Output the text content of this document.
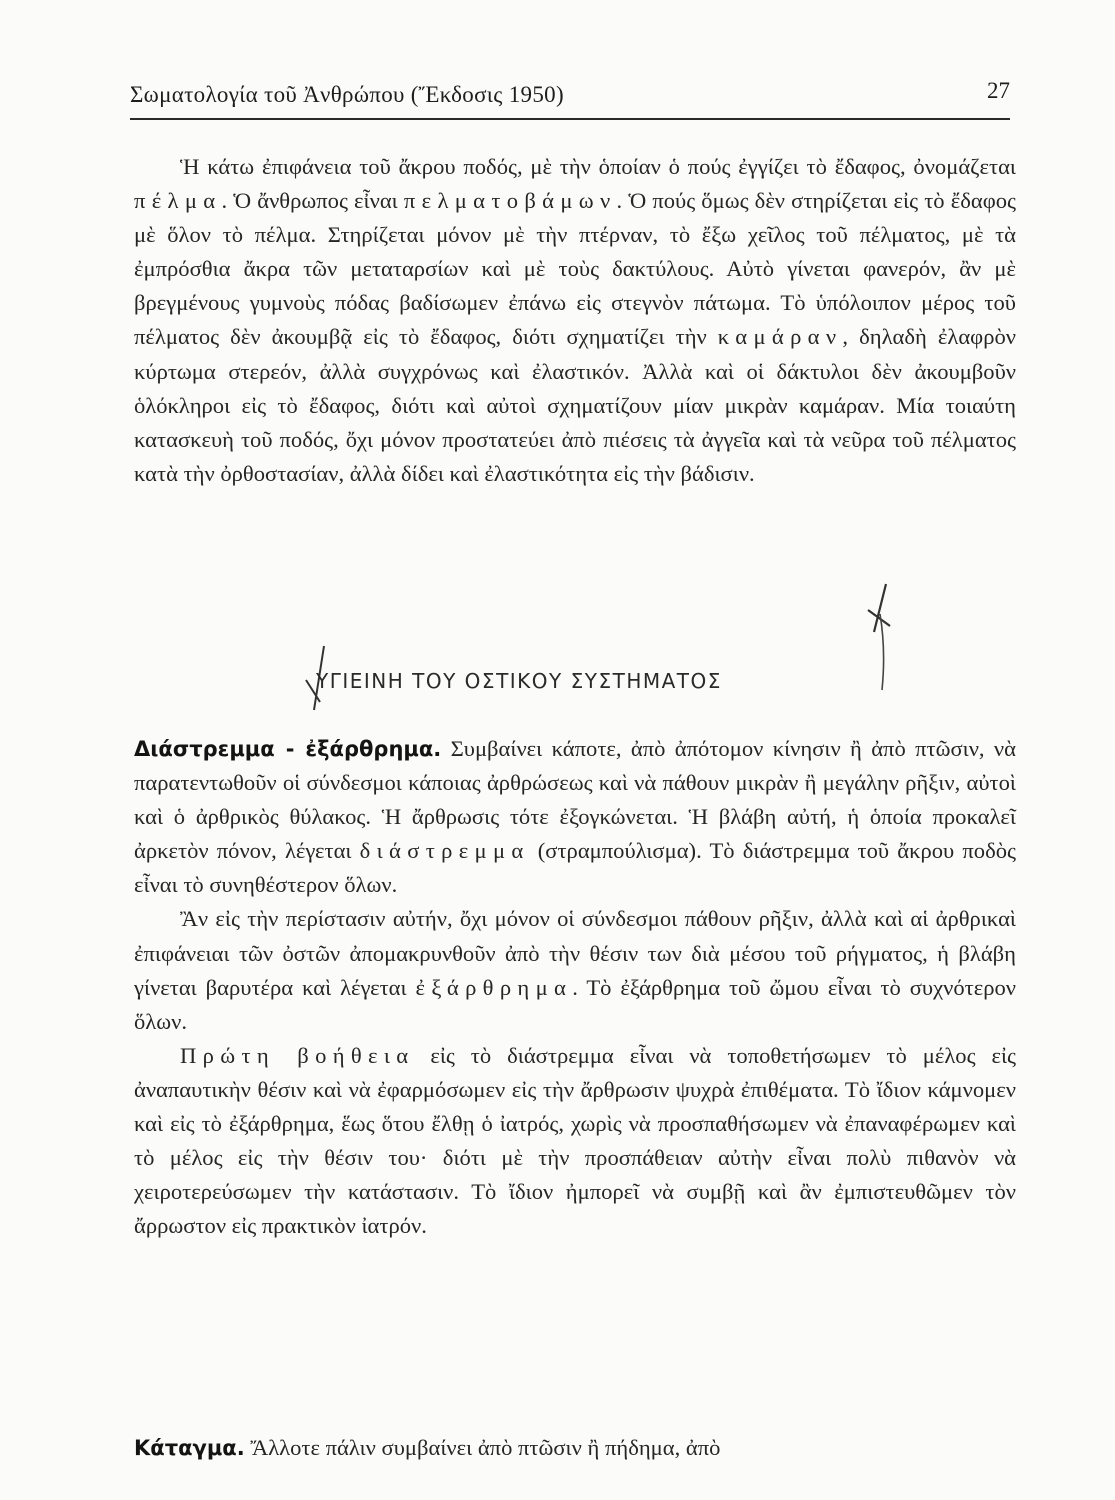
Σωματολογία τοῦ Ἀνθρώπου (Ἔκδοσις 1950)	27

Ἡ κάτω ἐπιφάνεια τοῦ ἄκρου ποδός, μὲ τὴν ὁποίαν ὁ πούς ἐγγίζει τὸ ἔδαφος, ὀνομάζεται πέλμα. Ὁ ἄνθρωπος εἶναι πελματοβάμων. Ὁ πούς ὅμως δὲν στηρίζεται εἰς τὸ ἔδαφος μὲ ὅλον τὸ πέλμα. Στηρίζεται μόνον μὲ τὴν πτέρναν, τὸ ἔξω χεῖλος τοῦ πέλματος, μὲ τὰ ἐμπρόσθια ἄκρα τῶν μεταταρσίων καὶ μὲ τοὺς δακτύλους. Αὐτὸ γίνεται φανερόν, ἂν μὲ βρεγμένους γυμνοὺς πόδας βαδίσωμεν ἐπάνω εἰς στεγνὸν πάτωμα. Τὸ ὑπόλοιπον μέρος τοῦ πέλματος δὲν ἀκουμβᾷ εἰς τὸ ἔδαφος, διότι σχηματίζει τὴν καμάραν, δηλαδὴ ἐλαφρὸν κύρτωμα στερεόν, ἀλλὰ συγχρόνως καὶ ἐλαστικόν. Ἀλλὰ καὶ οἱ δάκτυλοι δὲν ἀκουμβοῦν ὁλόκληροι εἰς τὸ ἔδαφος, διότι καὶ αὐτοὶ σχηματίζουν μίαν μικρὰν καμάραν. Μία τοιαύτη κατασκευὴ τοῦ ποδός, ὄχι μόνον προστατεύει ἀπὸ πιέσεις τὰ ἀγγεῖα καὶ τὰ νεῦρα τοῦ πέλματος κατὰ τὴν ὀρθοστασίαν, ἀλλὰ δίδει καὶ ἐλαστικότητα εἰς τὴν βάδισιν.

ΥΓΙΕΙΝΗ ΤΟΥ ΟΣΤΙΚΟΥ ΣΥΣΤΗΜΑΤΟΣ

Διάστρεμμα - ἐξάρθρημα. Συμβαίνει κάποτε, ἀπὸ ἀπότομον κίνησιν ἢ ἀπὸ πτῶσιν, νὰ παρατεντωθοῦν οἱ σύνδεσμοι κάποιας ἀρθρώσεως καὶ νὰ πάθουν μικρὰν ἢ μεγάλην ρῆξιν, αὐτοὶ καὶ ὁ ἀρθρικὸς θύλακος. Ἡ ἄρθρωσις τότε ἐξογκώνεται. Ἡ βλάβη αὐτή, ἡ ὁποία προκαλεῖ ἀρκετὸν πόνον, λέγεται διάστρεμμα (στραμπούλισμα). Τὸ διάστρεμμα τοῦ ἄκρου ποδὸς εἶναι τὸ συνηθέστερον ὅλων.

Ἂν εἰς τὴν περίστασιν αὐτήν, ὄχι μόνον οἱ σύνδεσμοι πάθουν ρῆξιν, ἀλλὰ καὶ αἱ ἀρθρικαὶ ἐπιφάνειαι τῶν ὀστῶν ἀπομακρυνθοῦν ἀπὸ τὴν θέσιν των διὰ μέσου τοῦ ρήγματος, ἡ βλάβη γίνεται βαρυτέρα καὶ λέγεται ἐξάρθρημα. Τὸ ἐξάρθρημα τοῦ ὤμου εἶναι τὸ συχνότερον ὅλων.

Πρώτη βοήθεια εἰς τὸ διάστρεμμα εἶναι νὰ τοποθετήσωμεν τὸ μέλος εἰς ἀναπαυτικὴν θέσιν καὶ νὰ ἐφαρμόσωμεν εἰς τὴν ἄρθρωσιν ψυχρὰ ἐπιθέματα. Τὸ ἴδιον κάμνομεν καὶ εἰς τὸ ἐξάρθρημα, ἕως ὅτου ἔλθῃ ὁ ἰατρός, χωρὶς νὰ προσπαθήσωμεν νὰ ἐπαναφέρωμεν καὶ τὸ μέλος εἰς τὴν θέσιν του· διότι μὲ τὴν προσπάθειαν αὐτὴν εἶναι πολὺ πιθανὸν νὰ χειροτερεύσωμεν τὴν κατάστασιν. Τὸ ἴδιον ἠμπορεῖ νὰ συμβῇ καὶ ἂν ἐμπιστευθῶμεν τὸν ἄρρωστον εἰς πρακτικὸν ἰατρόν.

Κάταγμα. Ἄλλοτε πάλιν συμβαίνει ἀπὸ πτῶσιν ἢ πήδημα, ἀπὸ
